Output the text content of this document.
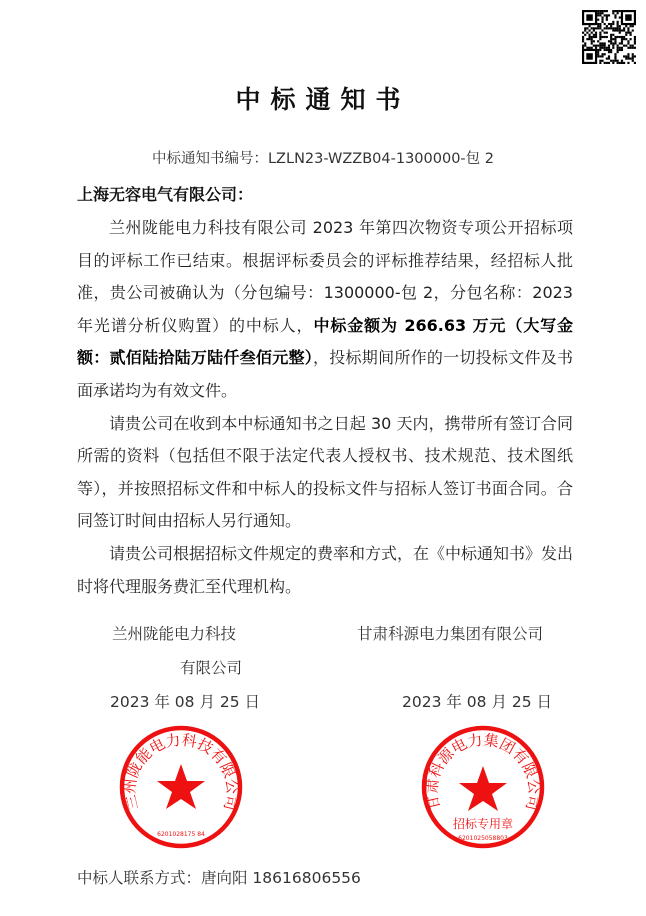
中标通知书
中标通知书编号：LZLN23-WZZB04-1300000-包 2
上海无容电气有限公司：

兰州陇能电力科技有限公司 2023 年第四次物资专项公开招标项目的评标工作已结束。根据评标委员会的评标推荐结果，经招标人批准，贵公司被确认为（分包编号：1300000-包 2，分包名称：2023 年光谱分析仪购置）的中标人，中标金额为 266.63 万元（大写金额：贰佰陆拾陆万陆仟叁佰元整），投标期间所作的一切投标文件及书面承诺均为有效文件。

请贵公司在收到本中标通知书之日起 30 天内，携带所有签订合同所需的资料（包括但不限于法定代表人授权书、技术规范、技术图纸等），并按照招标文件和中标人的投标文件与招标人签订书面合同。合同签订时间由招标人另行通知。

请贵公司根据招标文件规定的费率和方式，在《中标通知书》发出时将代理服务费汇至代理机构。

兰州陇能电力科技
有限公司
2023 年 08 月 25 日
甘肃科源电力集团有限公司
2023 年 08 月 25 日
兰州陇能电力科技有限公司
6201028175 84
甘肃科源电力集团有限公司
招标专用章
6201025058803
中标人联系方式：唐向阳 18616806556
